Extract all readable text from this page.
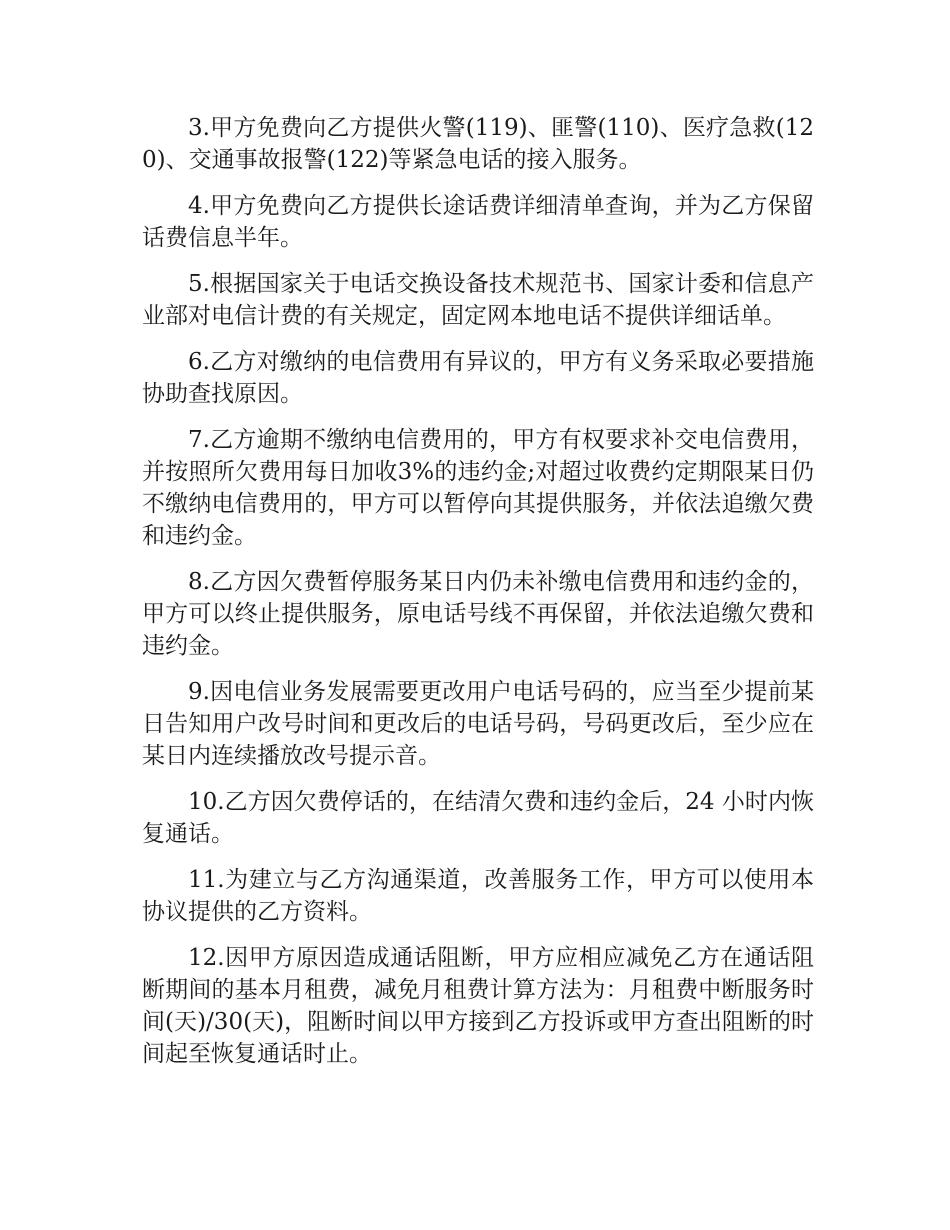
3.甲方免费向乙方提供火警(119)、匪警(110)、医疗急救(120)、交通事故报警(122)等紧急电话的接入服务。

4.甲方免费向乙方提供长途话费详细清单查询，并为乙方保留话费信息半年。

5.根据国家关于电话交换设备技术规范书、国家计委和信息产业部对电信计费的有关规定，固定网本地电话不提供详细话单。

6.乙方对缴纳的电信费用有异议的，甲方有义务采取必要措施协助查找原因。

7.乙方逾期不缴纳电信费用的，甲方有权要求补交电信费用，并按照所欠费用每日加收3%的违约金;对超过收费约定期限某日仍不缴纳电信费用的，甲方可以暂停向其提供服务，并依法追缴欠费和违约金。

8.乙方因欠费暂停服务某日内仍未补缴电信费用和违约金的，甲方可以终止提供服务，原电话号线不再保留，并依法追缴欠费和违约金。

9.因电信业务发展需要更改用户电话号码的，应当至少提前某日告知用户改号时间和更改后的电话号码，号码更改后，至少应在某日内连续播放改号提示音。

10.乙方因欠费停话的，在结清欠费和违约金后，24 小时内恢复通话。

11.为建立与乙方沟通渠道，改善服务工作，甲方可以使用本协议提供的乙方资料。

12.因甲方原因造成通话阻断，甲方应相应减免乙方在通话阻断期间的基本月租费，减免月租费计算方法为：月租费中断服务时间(天)/30(天)，阻断时间以甲方接到乙方投诉或甲方查出阻断的时间起至恢复通话时止。
